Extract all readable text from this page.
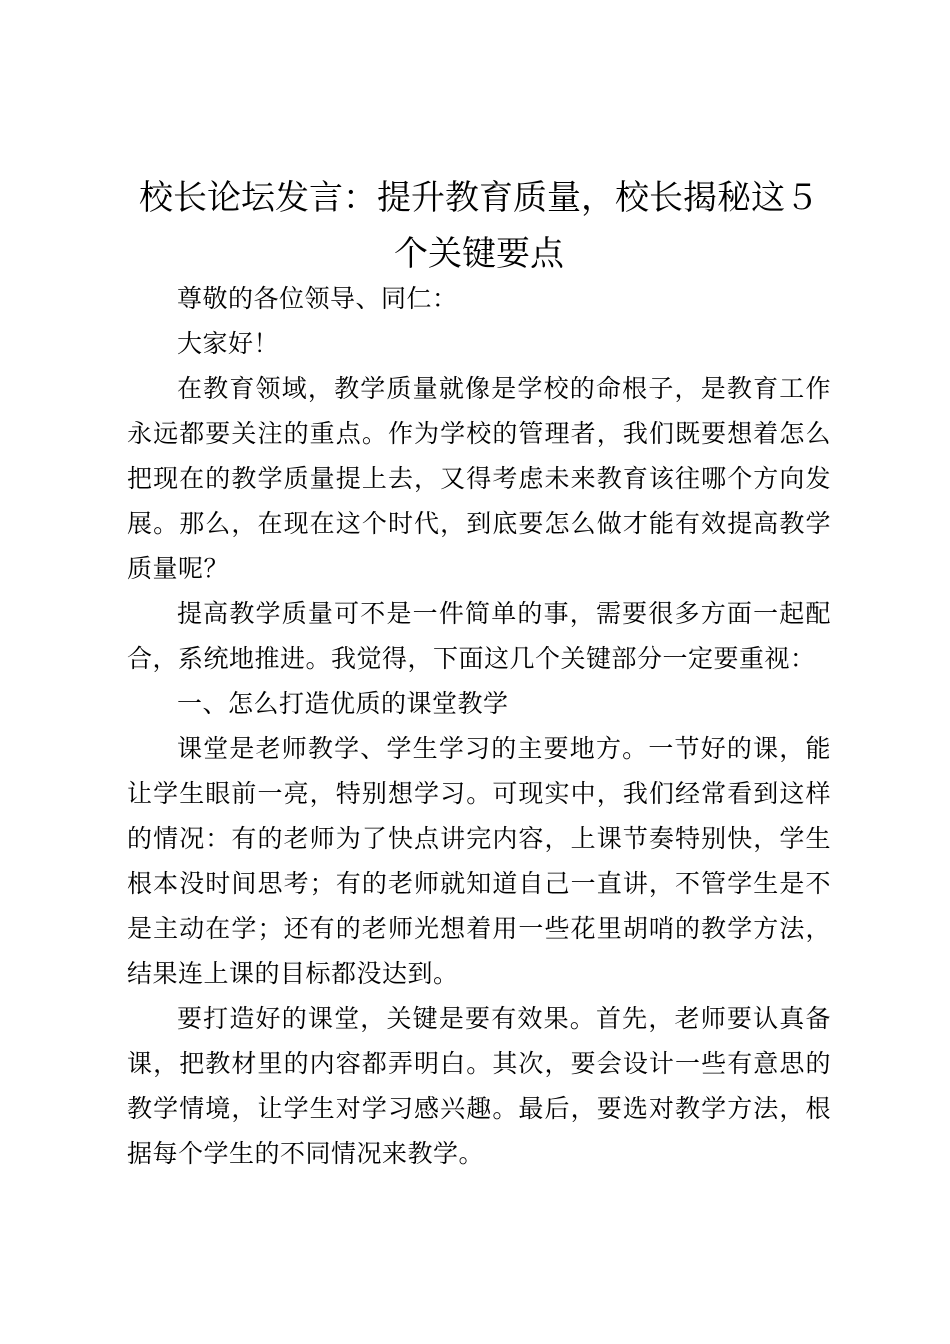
校长论坛发言：提升教育质量，校长揭秘这５个关键要点

尊敬的各位领导、同仁：

大家好！

在教育领域，教学质量就像是学校的命根子，是教育工作永远都要关注的重点。作为学校的管理者，我们既要想着怎么把现在的教学质量提上去，又得考虑未来教育该往哪个方向发展。那么，在现在这个时代，到底要怎么做才能有效提高教学质量呢？

提高教学质量可不是一件简单的事，需要很多方面一起配合，系统地推进。我觉得，下面这几个关键部分一定要重视：

一、怎么打造优质的课堂教学

课堂是老师教学、学生学习的主要地方。一节好的课，能让学生眼前一亮，特别想学习。可现实中，我们经常看到这样的情况：有的老师为了快点讲完内容，上课节奏特别快，学生根本没时间思考；有的老师就知道自己一直讲，不管学生是不是主动在学；还有的老师光想着用一些花里胡哨的教学方法，结果连上课的目标都没达到。

要打造好的课堂，关键是要有效果。首先，老师要认真备课，把教材里的内容都弄明白。其次，要会设计一些有意思的教学情境，让学生对学习感兴趣。最后，要选对教学方法，根据每个学生的不同情况来教学。
